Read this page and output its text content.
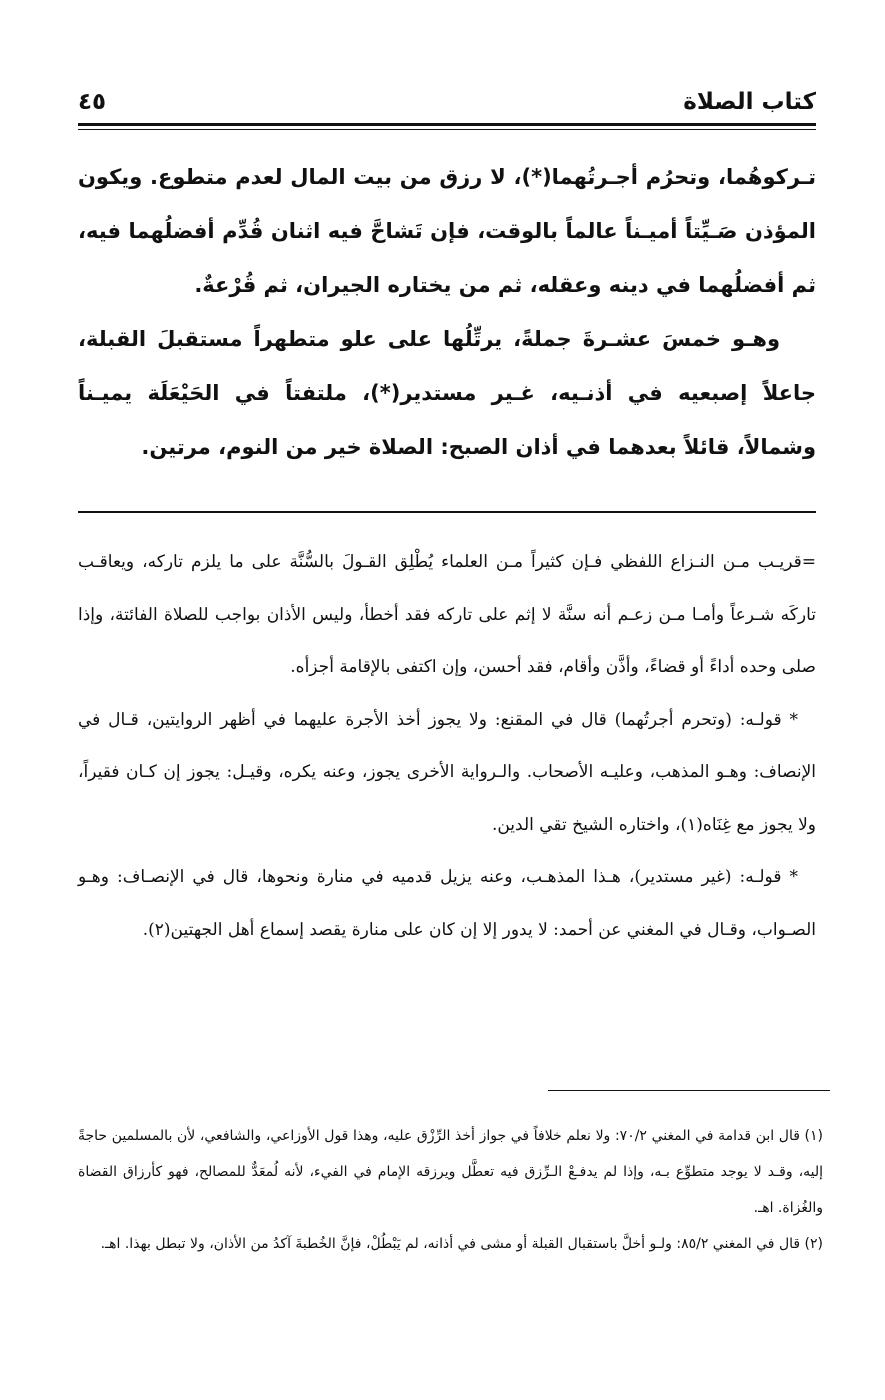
كتاب الصلاة
٤٥

تـركوهُما، وتحرُم أجـرتُهما(*)، لا رزق من بيت المال لعدم متطوع. ويكون المؤذن صَـيِّتاً أميـناً عالماً بالوقت، فإن تَشاحَّ فيه اثنان قُدِّم أفضلُهما فيه، ثم أفضلُهما في دينه وعقله، ثم من يختاره الجيران، ثم قُرْعةٌ.

وهـو خمسَ عشـرةَ جملةً، يرتِّلُها على علو متطهراً مستقبلَ القبلة، جاعلاً إصبعيه في أذنـيه، غـير مستدير(*)، ملتفتاً في الحَيْعَلَة يميـناً وشمالاً، قائلاً بعدهما في أذان الصبح: الصلاة خير من النوم، مرتين.

=قريـب مـن النـزاع اللفظي فـإن كثيراً مـن العلماء يُطْلِق القـولَ بالسُّنَّة على ما يلزم تاركه، ويعاقـب تاركَه شـرعاً وأمـا مـن زعـم أنه سنَّة لا إثم على تاركه فقد أخطأ، وليس الأذان بواجب للصلاة الفائتة، وإذا صلى وحده أداءً أو قضاءً، وأذَّن وأقام، فقد أحسن، وإن اكتفى بالإقامة أجزأه.

* قولـه: (وتحرم أجرتُهما) قال في المقنع: ولا يجوز أخذ الأجرة عليهما في أظهر الروايتين، قـال في الإنصاف: وهـو المذهب، وعليـه الأصحاب. والـرواية الأخرى يجوز، وعنه يكره، وقيـل: يجوز إن كـان فقيراً، ولا يجوز مع غِنَاه(١)، واختاره الشيخ تقي الدين.

* قولـه: (غير مستدير)، هـذا المذهـب، وعنه يزيل قدميه في منارة ونحوها، قال في الإنصـاف: وهـو الصـواب، وقـال في المغني عن أحمد: لا يدور إلا إن كان على منارة يقصد إسماع أهل الجهتين(٢).

(١) قال ابن قدامة في المغني ٧٠/٢: ولا نعلم خلافاً في جواز أخذ الرِّزْق عليه، وهذا قول الأوزاعي، والشافعي، لأن بالمسلمين حاجةً إليه، وقـد لا يوجد متطوِّع بـه، وإذا لم يدفـعْ الـرِّزق فيه تعطَّل ويرزقه الإمام في الفيء، لأنه لُمعَدٌّ للمصالح، فهو كأرزاق القضاة والغُزاة. اهـ.

(٢) قال في المغني ٨٥/٢: ولـو أخلَّ باستقبال القبلة أو مشى في أذانه، لم يَبْطُلْ، فإنَّ الخُطبةَ آكدُ من الأذان، ولا تبطل بهذا. اهـ.
